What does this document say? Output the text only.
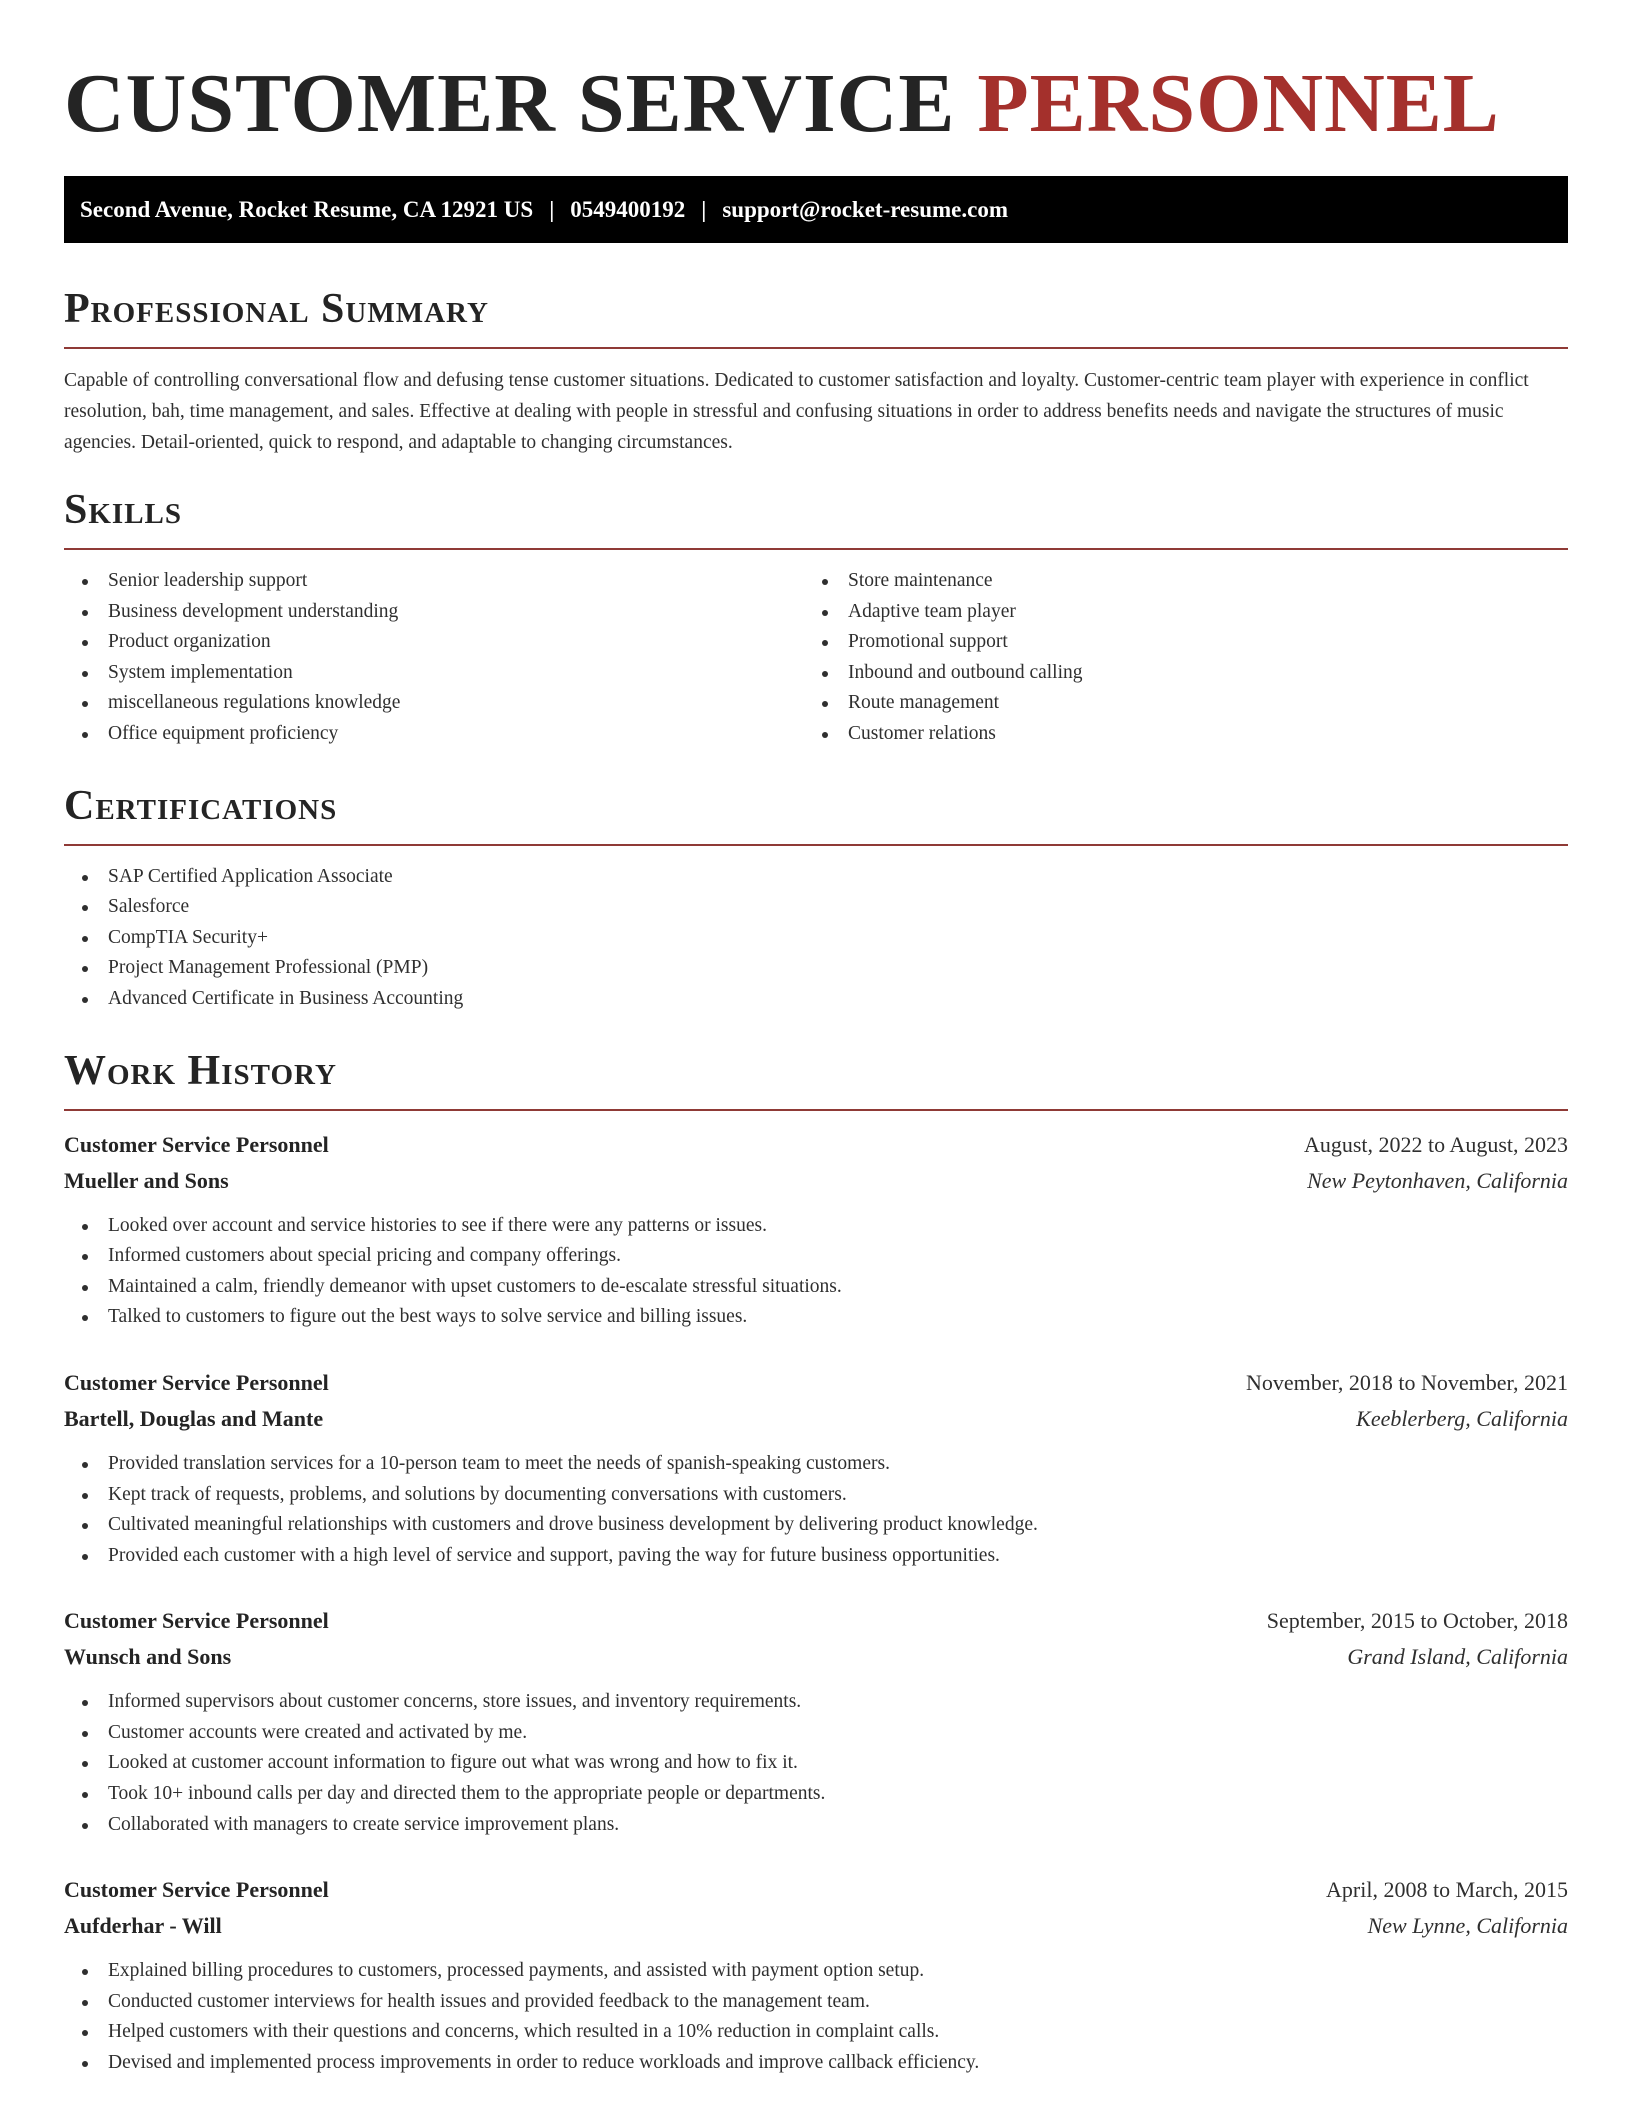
CUSTOMER SERVICE PERSONNEL
Second Avenue, Rocket Resume, CA 12921 US | 0549400192 | support@rocket-resume.com
Professional Summary

Capable of controlling conversational flow and defusing tense customer situations. Dedicated to customer satisfaction and loyalty. Customer-centric team player with experience in conflict resolution, bah, time management, and sales. Effective at dealing with people in stressful and confusing situations in order to address benefits needs and navigate the structures of music agencies. Detail-oriented, quick to respond, and adaptable to changing circumstances.

Skills
Senior leadership support
Business development understanding
Product organization
System implementation
miscellaneous regulations knowledge
Office equipment proficiency
Store maintenance
Adaptive team player
Promotional support
Inbound and outbound calling
Route management
Customer relations
Certifications
SAP Certified Application Associate
Salesforce
CompTIA Security+
Project Management Professional (PMP)
Advanced Certificate in Business Accounting
Work History
Customer Service Personnel	August, 2022 to August, 2023
Mueller and Sons	New Peytonhaven, California
Looked over account and service histories to see if there were any patterns or issues.
Informed customers about special pricing and company offerings.
Maintained a calm, friendly demeanor with upset customers to de-escalate stressful situations.
Talked to customers to figure out the best ways to solve service and billing issues.
Customer Service Personnel	November, 2018 to November, 2021
Bartell, Douglas and Mante	Keeblerberg, California
Provided translation services for a 10-person team to meet the needs of spanish-speaking customers.
Kept track of requests, problems, and solutions by documenting conversations with customers.
Cultivated meaningful relationships with customers and drove business development by delivering product knowledge.
Provided each customer with a high level of service and support, paving the way for future business opportunities.
Customer Service Personnel	September, 2015 to October, 2018
Wunsch and Sons	Grand Island, California
Informed supervisors about customer concerns, store issues, and inventory requirements.
Customer accounts were created and activated by me.
Looked at customer account information to figure out what was wrong and how to fix it.
Took 10+ inbound calls per day and directed them to the appropriate people or departments.
Collaborated with managers to create service improvement plans.
Customer Service Personnel	April, 2008 to March, 2015
Aufderhar - Will	New Lynne, California
Explained billing procedures to customers, processed payments, and assisted with payment option setup.
Conducted customer interviews for health issues and provided feedback to the management team.
Helped customers with their questions and concerns, which resulted in a 10% reduction in complaint calls.
Devised and implemented process improvements in order to reduce workloads and improve callback efficiency.
